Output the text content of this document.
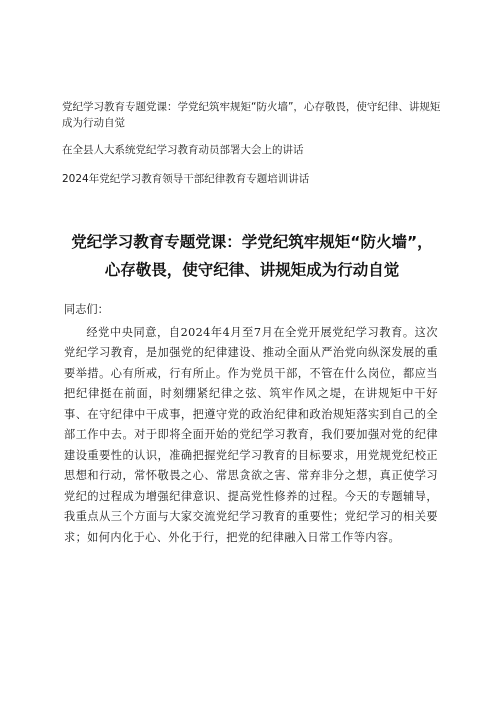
党纪学习教育专题党课：学党纪筑牢规矩“防火墙”，心存敬畏，使守纪律、讲规矩成为行动自觉

在全县人大系统党纪学习教育动员部署大会上的讲话

2024年党纪学习教育领导干部纪律教育专题培训讲话

党纪学习教育专题党课：学党纪筑牢规矩“防火墙”，
心存敬畏，使守纪律、讲规矩成为行动自觉

同志们：

经党中央同意，自2024年4月至7月在全党开展党纪学习教育。这次党纪学习教育，是加强党的纪律建设、推动全面从严治党向纵深发展的重要举措。心有所戒，行有所止。作为党员干部，不管在什么岗位，都应当把纪律挺在前面，时刻绷紧纪律之弦、筑牢作风之堤，在讲规矩中干好事、在守纪律中干成事，把遵守党的政治纪律和政治规矩落实到自己的全部工作中去。对于即将全面开始的党纪学习教育，我们要加强对党的纪律建设重要性的认识，准确把握党纪学习教育的目标要求，用党规党纪校正思想和行动，常怀敬畏之心、常思贪欲之害、常弃非分之想，真正使学习党纪的过程成为增强纪律意识、提高党性修养的过程。今天的专题辅导，我重点从三个方面与大家交流党纪学习教育的重要性；党纪学习的相关要求；如何内化于心、外化于行，把党的纪律融入日常工作等内容。
